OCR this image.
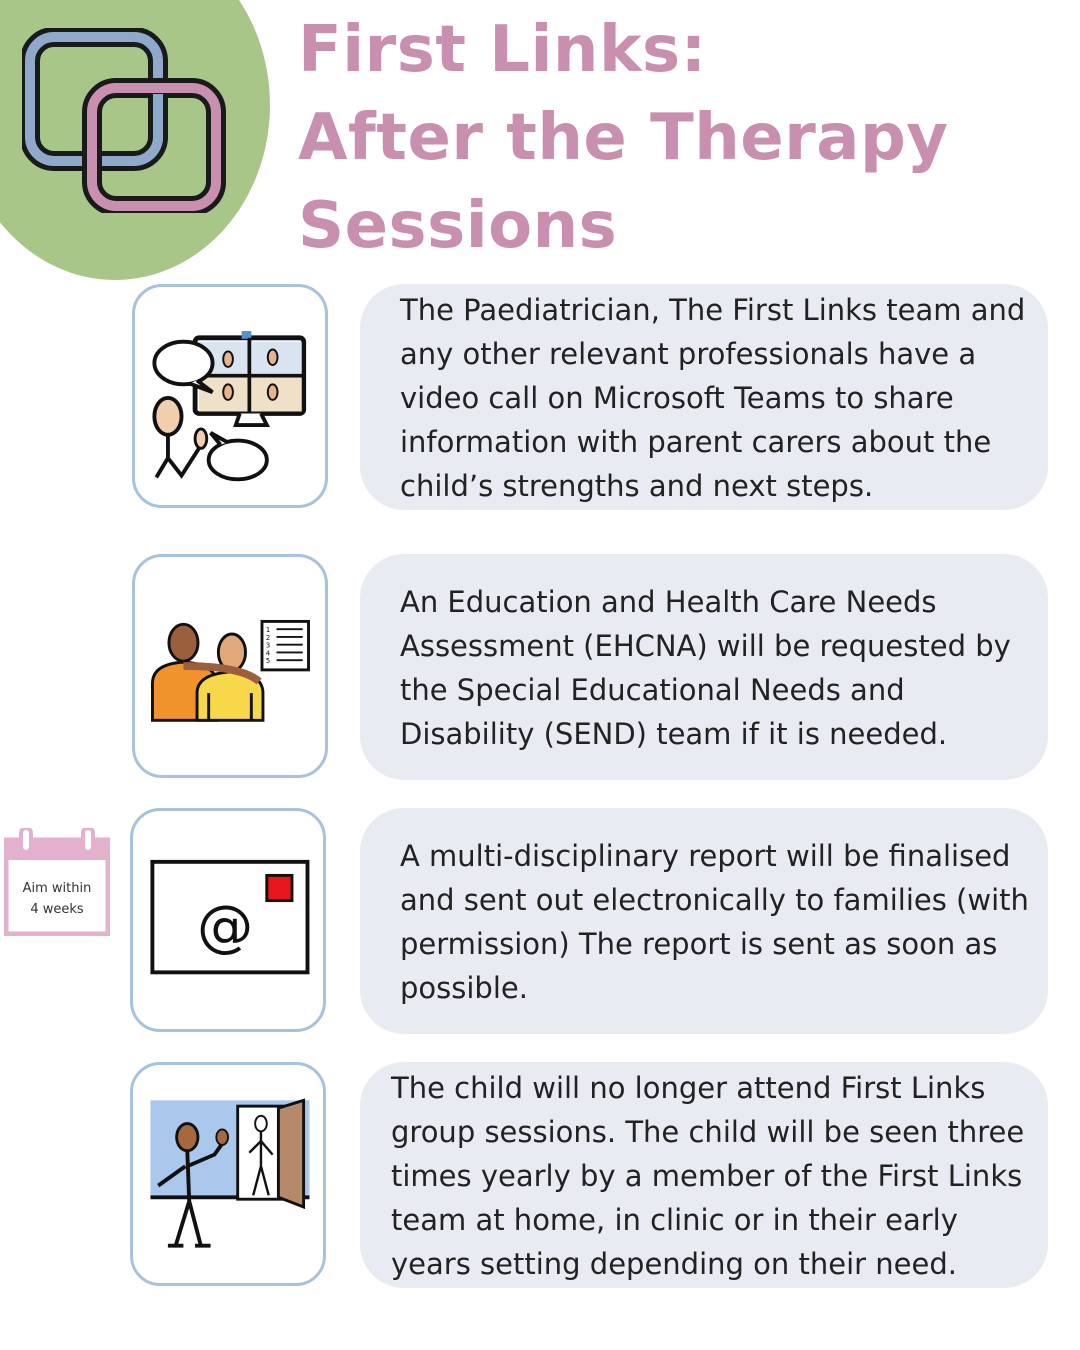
First Links:
After the Therapy
Sessions

The Paediatrician, The First Links team and any other relevant professionals have a video call on Microsoft Teams to share information with parent carers about the child’s strengths and next steps.

1
2
3
4
5

An Education and Health Care Needs Assessment (EHCNA) will be requested by the Special Educational Needs and Disability (SEND) team if it is needed.

Aim within
4 weeks	@

A multi-disciplinary report will be finalised and sent out electronically to families (with permission) The report is sent as soon as possible.

The child will no longer attend First Links group sessions. The child will be seen three times yearly by a member of the First Links team at home, in clinic or in their early years setting depending on their need.
